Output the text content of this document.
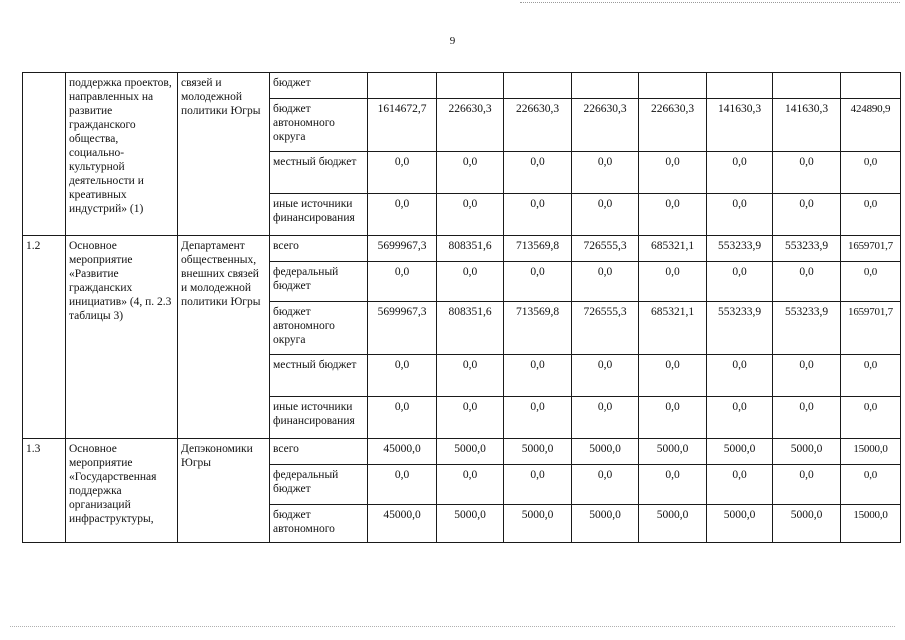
9
	поддержка проектов, направленных на развитие гражданского общества, социально-культурной деятельности и креативных индустрий» (1)	связей и молодежной политики Югры	бюджет								
			бюджет автономного округа	1614672,7	226630,3	226630,3	226630,3	226630,3	141630,3	141630,3	424890,9
			местный бюджет	0,0	0,0	0,0	0,0	0,0	0,0	0,0	0,0
			иные источники финансирования	0,0	0,0	0,0	0,0	0,0	0,0	0,0	0,0
1.2	Основное мероприятие «Развитие гражданских инициатив» (4, п. 2.3 таблицы 3)	Департамент общественных, внешних связей и молодежной политики Югры	всего	5699967,3	808351,6	713569,8	726555,3	685321,1	553233,9	553233,9	1659701,7
			федеральный бюджет	0,0	0,0	0,0	0,0	0,0	0,0	0,0	0,0
			бюджет автономного округа	5699967,3	808351,6	713569,8	726555,3	685321,1	553233,9	553233,9	1659701,7
			местный бюджет	0,0	0,0	0,0	0,0	0,0	0,0	0,0	0,0
			иные источники финансирования	0,0	0,0	0,0	0,0	0,0	0,0	0,0	0,0
1.3	Основное мероприятие «Государственная поддержка организаций инфраструктуры,	Депэкономики Югры	всего	45000,0	5000,0	5000,0	5000,0	5000,0	5000,0	5000,0	15000,0
			федеральный бюджет	0,0	0,0	0,0	0,0	0,0	0,0	0,0	0,0
			бюджет автономного	45000,0	5000,0	5000,0	5000,0	5000,0	5000,0	5000,0	15000,0
